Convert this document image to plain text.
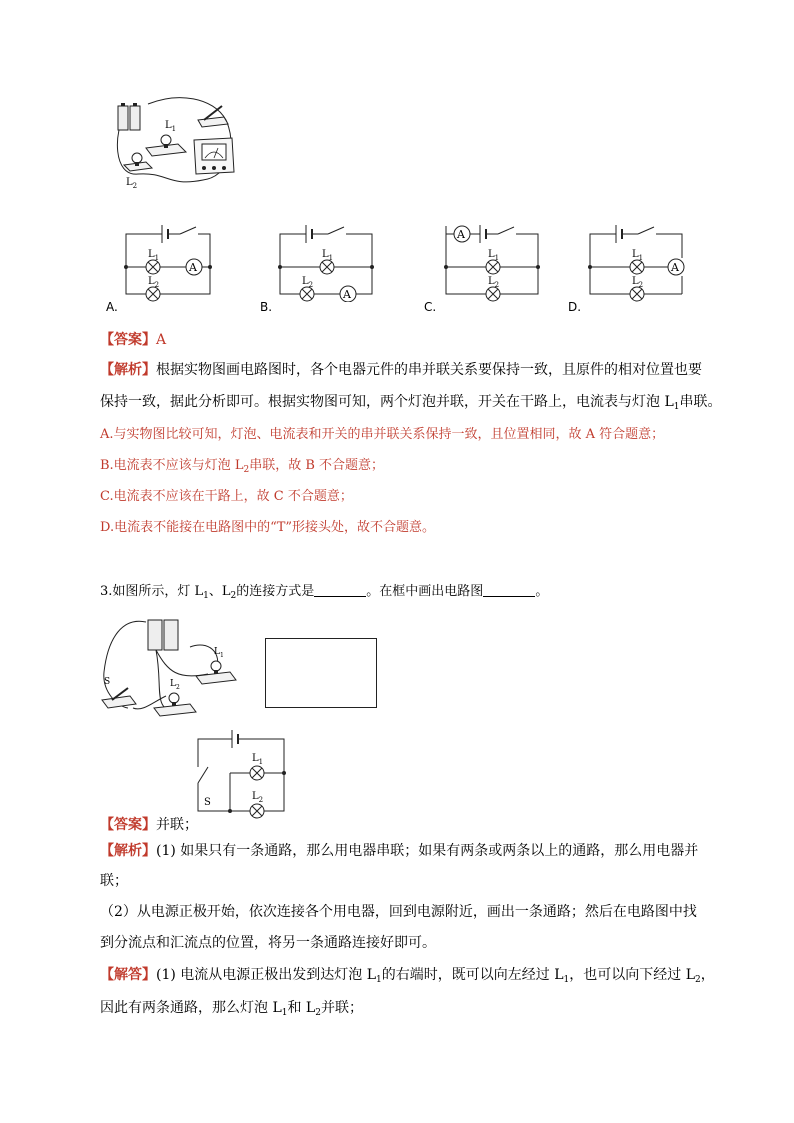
$L_1$
$L_2$
A
$L_1$
$L_2$
A.
A
$L_1$
$L_2$
B.
A
$L_1$
$L_2$
C.
A
$L_1$
$L_2$
D.
【答案】A
【解析】根据实物图画电路图时，各个电器元件的串并联关系要保持一致，且原件的相对位置也要
保持一致，据此分析即可。根据实物图可知，两个灯泡并联，开关在干路上，电流表与灯泡 $L_1$串联。
A.与实物图比较可知，灯泡、电流表和开关的串并联关系保持一致，且位置相同，故 A 符合题意；
B.电流表不应该与灯泡 $L_2$串联，故 B 不合题意；
C.电流表不应该在干路上，故 C 不合题意；
D.电流表不能接在电路图中的“T”形接头处，故不合题意。
3.如图所示，灯 $L_1$、$L_2$的连接方式是	。在框中画出电路图	。
S
$L_1$
$L_2$
S
$L_1$
$L_2$
【答案】并联；
【解析】(1) 如果只有一条通路，那么用电器串联；如果有两条或两条以上的通路，那么用电器并
联；
（2）从电源正极开始，依次连接各个用电器，回到电源附近，画出一条通路；然后在电路图中找
到分流点和汇流点的位置，将另一条通路连接好即可。
【解答】(1) 电流从电源正极出发到达灯泡 $L_1$的右端时，既可以向左经过 $L_1$，也可以向下经过 $L_2$，
因此有两条通路，那么灯泡 $L_1$和 $L_2$并联；
